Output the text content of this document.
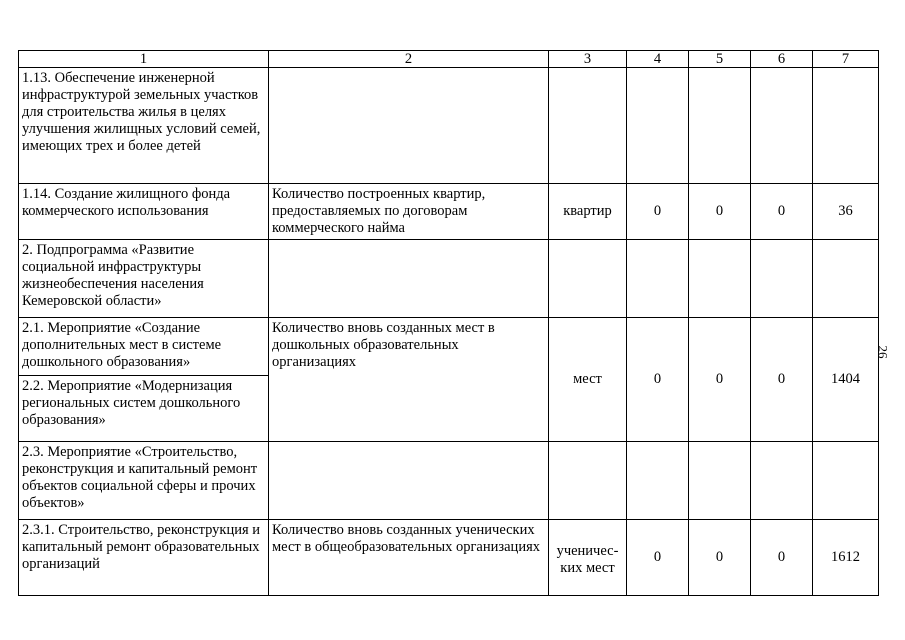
1	2	3	4	5	6	7
1.13. Обеспечение инженерной инфраструктурой земельных участков для строительства жилья в целях улучшения жилищных условий семей, имеющих трех и более детей						
1.14. Создание жилищного фонда коммерческого использования	Количество построенных квартир, предоставляемых по договорам коммерческого найма	квартир	0	0	0	36
2. Подпрограмма «Развитие социальной инфраструктуры жизнеобеспечения населения Кемеровской области»						
2.1. Мероприятие «Создание дополнительных мест в системе дошкольного образования»	Количество вновь созданных мест в дошкольных образовательных организациях	мест	0	0	0	1404
2.2. Мероприятие «Модернизация региональных систем дошкольного образования»						
2.3. Мероприятие «Строительство, реконструкция и капитальный ремонт объектов социальной сферы и прочих объектов»						
2.3.1. Строительство, реконструкция и капитальный ремонт образовательных организаций	Количество вновь созданных ученических мест в общеобразовательных организациях	ученичес-ких мест	0	0	0	1612
26
